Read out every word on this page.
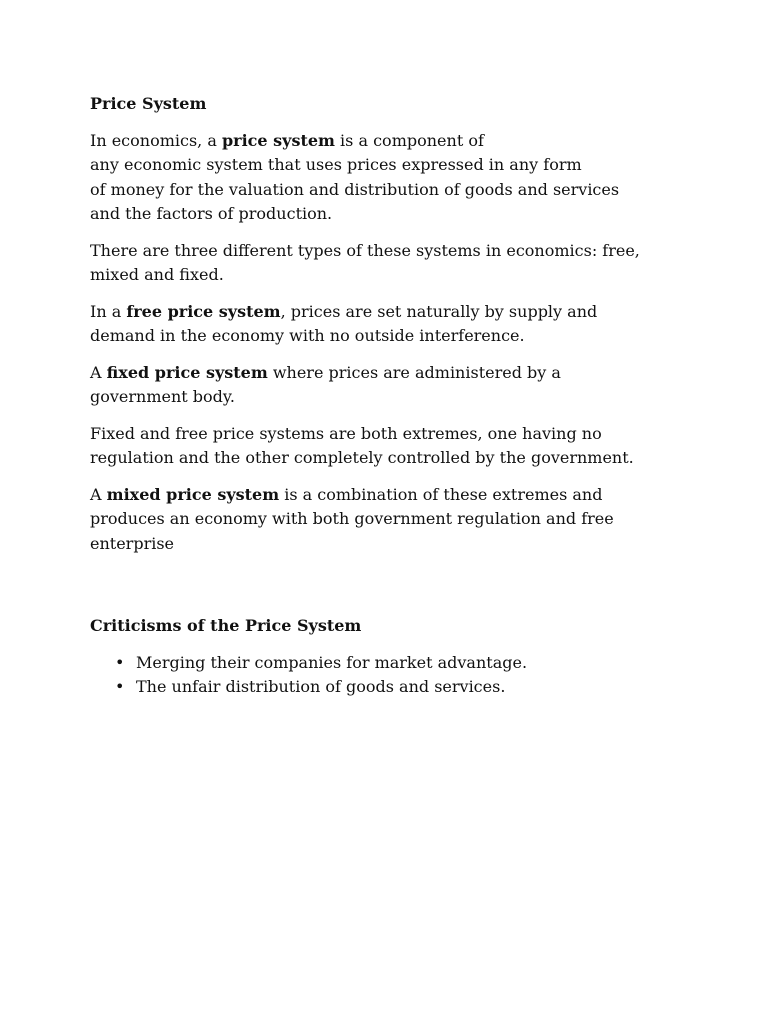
Price System

In economics, a price system is a component of
any economic system that uses prices expressed in any form
of money for the valuation and distribution of goods and services
and the factors of production.

There are three different types of these systems in economics: free,
mixed and fixed.

In a free price system, prices are set naturally by supply and
demand in the economy with no outside interference.

A fixed price system where prices are administered by a
government body.

Fixed and free price systems are both extremes, one having no
regulation and the other completely controlled by the government.

A mixed price system is a combination of these extremes and
produces an economy with both government regulation and free
enterprise

Criticisms of the Price System
• Merging their companies for market advantage.
• The unfair distribution of goods and services.
